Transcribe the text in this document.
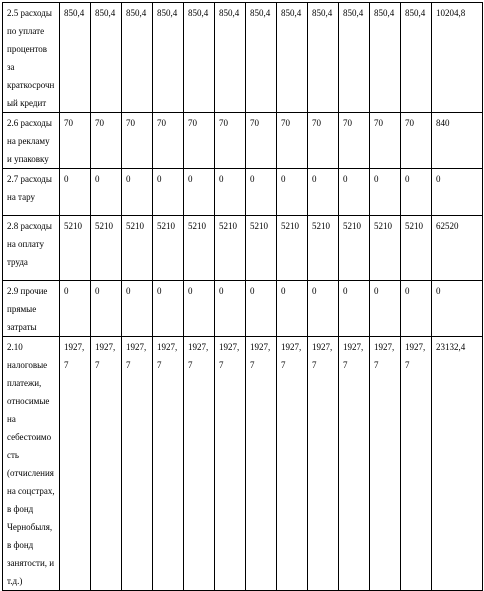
2.5 расходы по уплате процентов за краткосрочный кредит	850,4	850,4	850,4	850,4	850,4	850,4	850,4	850,4	850,4	850,4	850,4	850,4	10204,8
2.6 расходы на рекламу и упаковку	70	70	70	70	70	70	70	70	70	70	70	70	840
2.7 расходы на тару	0	0	0	0	0	0	0	0	0	0	0	0	0
2.8 расходы на оплату труда	5210	5210	5210	5210	5210	5210	5210	5210	5210	5210	5210	5210	62520
2.9 прочие прямые затраты	0	0	0	0	0	0	0	0	0	0	0	0	0
2.10 налоговые платежи, относимые на себестоимость (отчисления на соцстрах, в фонд Чернобыля, в фонд занятости, и т.д.)	1927,7	1927,7	1927,7	1927,7	1927,7	1927,7	1927,7	1927,7	1927,7	1927,7	1927,7	1927,7	23132,4
